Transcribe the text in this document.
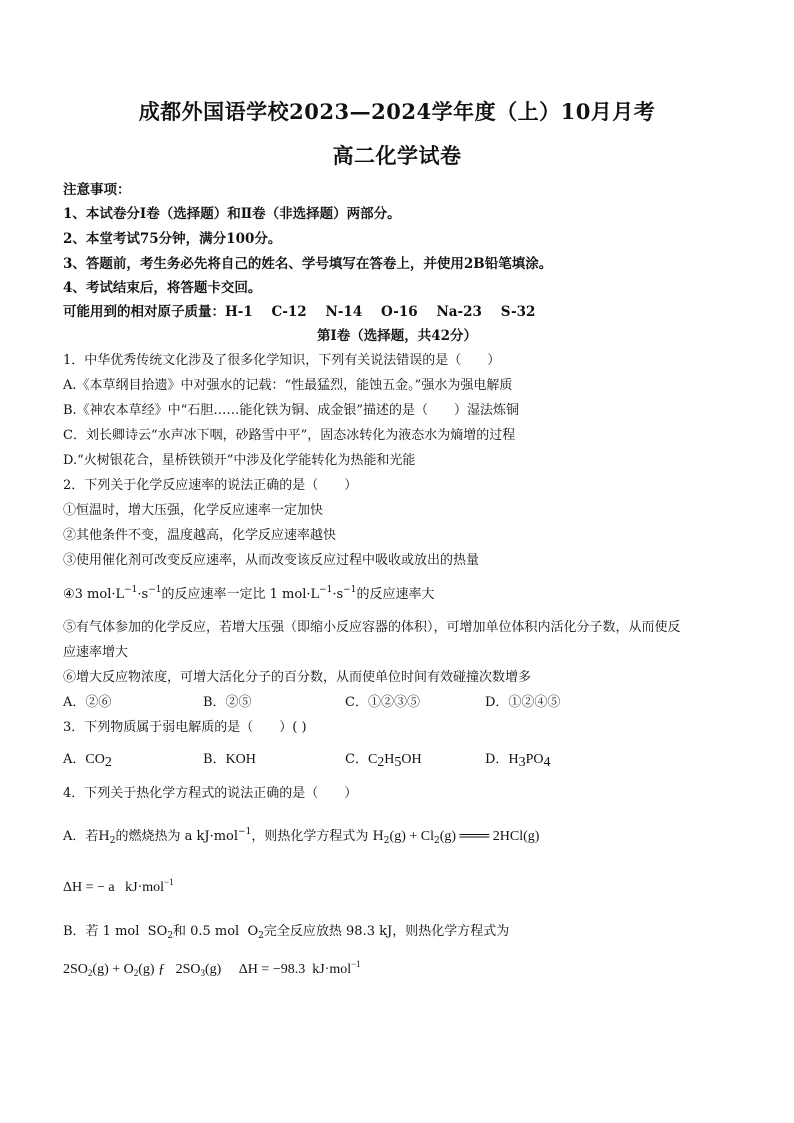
成都外国语学校2023—2024学年度（上）10月月考
高二化学试卷
注意事项：
1、本试卷分Ⅰ卷（选择题）和Ⅱ卷（非选择题）两部分。
2、本堂考试75分钟，满分100分。
3、答题前，考生务必先将自己的姓名、学号填写在答卷上，并使用2B铅笔填涂。
4、考试结束后，将答题卡交回。
可能用到的相对原子质量：H-1    C-12    N-14    O-16    Na-23    S-32
第Ⅰ卷（选择题，共42分）
1．中华优秀传统文化涉及了很多化学知识，下列有关说法错误的是（　　）
A.《本草纲目拾遗》中对强水的记载：“性最猛烈，能蚀五金。”强水为强电解质
B.《神农本草经》中“石胆……能化铁为铜、成金银”描述的是（　　）湿法炼铜
C．刘长卿诗云“水声冰下咽，砂路雪中平”，固态冰转化为液态水为熵增的过程
D.“火树银花合，星桥铁锁开”中涉及化学能转化为热能和光能
2．下列关于化学反应速率的说法正确的是（　　）
①恒温时，增大压强，化学反应速率一定加快
②其他条件不变，温度越高，化学反应速率越快
③使用催化剂可改变反应速率，从而改变该反应过程中吸收或放出的热量
④3 $mol\cdot L^{-1}\cdot s^{-1}$的反应速率一定比 1 $mol\cdot L^{-1}\cdot s^{-1}$的反应速率大
⑤有气体参加的化学反应，若增大压强（即缩小反应容器的体积），可增加单位体积内活化分子数，从而使反
应速率增大
⑥增大反应物浓度，可增大活化分子的百分数，从而使单位时间有效碰撞次数增多
A．②⑥	B．②⑤	C．①②③⑤	D．①②④⑤
3．下列物质属于弱电解质的是（　　）( )
A．$CO_2$	B．KOH	C．$C_2H_5OH$	D．$H_3PO_4$
4．下列关于热化学方程式的说法正确的是（　　）
A．若$H_2$的燃烧热为 a kJ·mol$^{-1}$，则热化学方程式为 $H_2(g) + Cl_2(g)$ ═══ 2HCl(g)
ΔH = − a   kJ·mol$^{-1}$
B．若 1 mol  $SO_2$和 0.5 mol  $O_2$完全反应放热 98.3 kJ，则热化学方程式为
$2SO_2(g) + O_2(g)$ ƒ   $2SO_3(g)$     ΔH = −98.3  kJ·mol$^{-1}$
